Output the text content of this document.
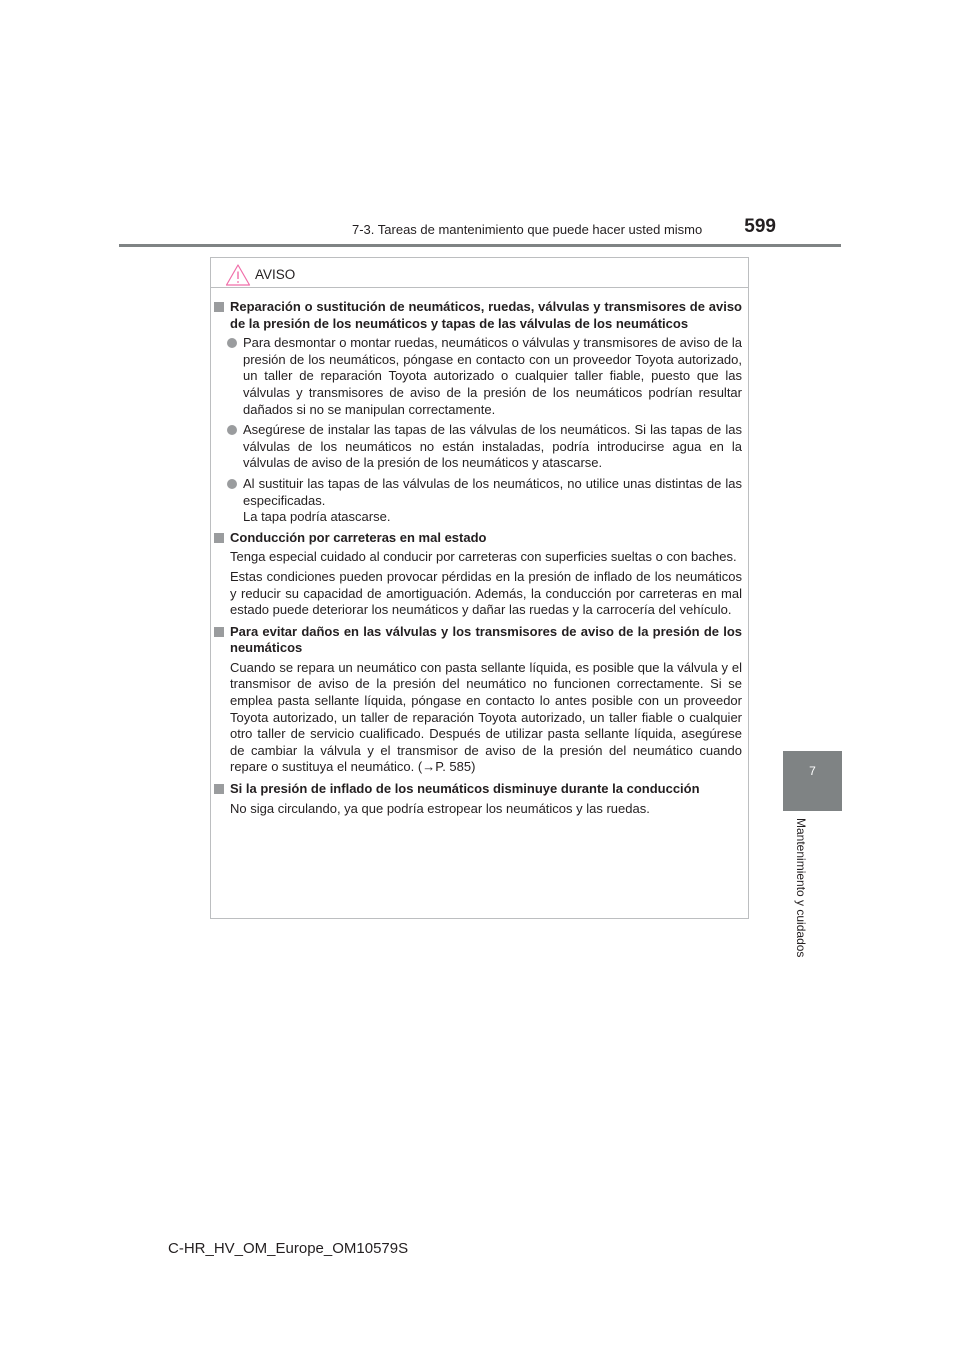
7-3. Tareas de mantenimiento que puede hacer usted mismo 599
7
Mantenimiento y cuidados
AVISO
Reparación o sustitución de neumáticos, ruedas, válvulas y transmisores de aviso de la presión de los neumáticos y tapas de las válvulas de los neumáticos
Para desmontar o montar ruedas, neumáticos o válvulas y transmisores de aviso de la presión de los neumáticos, póngase en contacto con un proveedor Toyota autorizado, un taller de reparación Toyota autorizado o cualquier taller fiable, puesto que las válvulas y transmisores de aviso de la presión de los neumáticos podrían resultar dañados si no se manipulan correctamente.
Asegúrese de instalar las tapas de las válvulas de los neumáticos. Si las tapas de las válvulas de los neumáticos no están instaladas, podría introducirse agua en la válvulas de aviso de la presión de los neumáticos y atascarse.
Al sustituir las tapas de las válvulas de los neumáticos, no utilice unas distintas de las especificadas.
La tapa podría atascarse.
Conducción por carreteras en mal estado
Tenga especial cuidado al conducir por carreteras con superficies sueltas o con baches.
Estas condiciones pueden provocar pérdidas en la presión de inflado de los neumáticos y reducir su capacidad de amortiguación. Además, la conducción por carreteras en mal estado puede deteriorar los neumáticos y dañar las ruedas y la carrocería del vehículo.
Para evitar daños en las válvulas y los transmisores de aviso de la presión de los neumáticos
Cuando se repara un neumático con pasta sellante líquida, es posible que la válvula y el transmisor de aviso de la presión del neumático no funcionen correctamente. Si se emplea pasta sellante líquida, póngase en contacto lo antes posible con un proveedor Toyota autorizado, un taller de reparación Toyota autorizado, un taller fiable o cualquier otro taller de servicio cualificado. Después de utilizar pasta sellante líquida, asegúrese de cambiar la válvula y el transmisor de aviso de la presión del neumático cuando repare o sustituya el neumático. (→P. 585)
Si la presión de inflado de los neumáticos disminuye durante la conducción
No siga circulando, ya que podría estropear los neumáticos y las ruedas.
C-HR_HV_OM_Europe_OM10579S
